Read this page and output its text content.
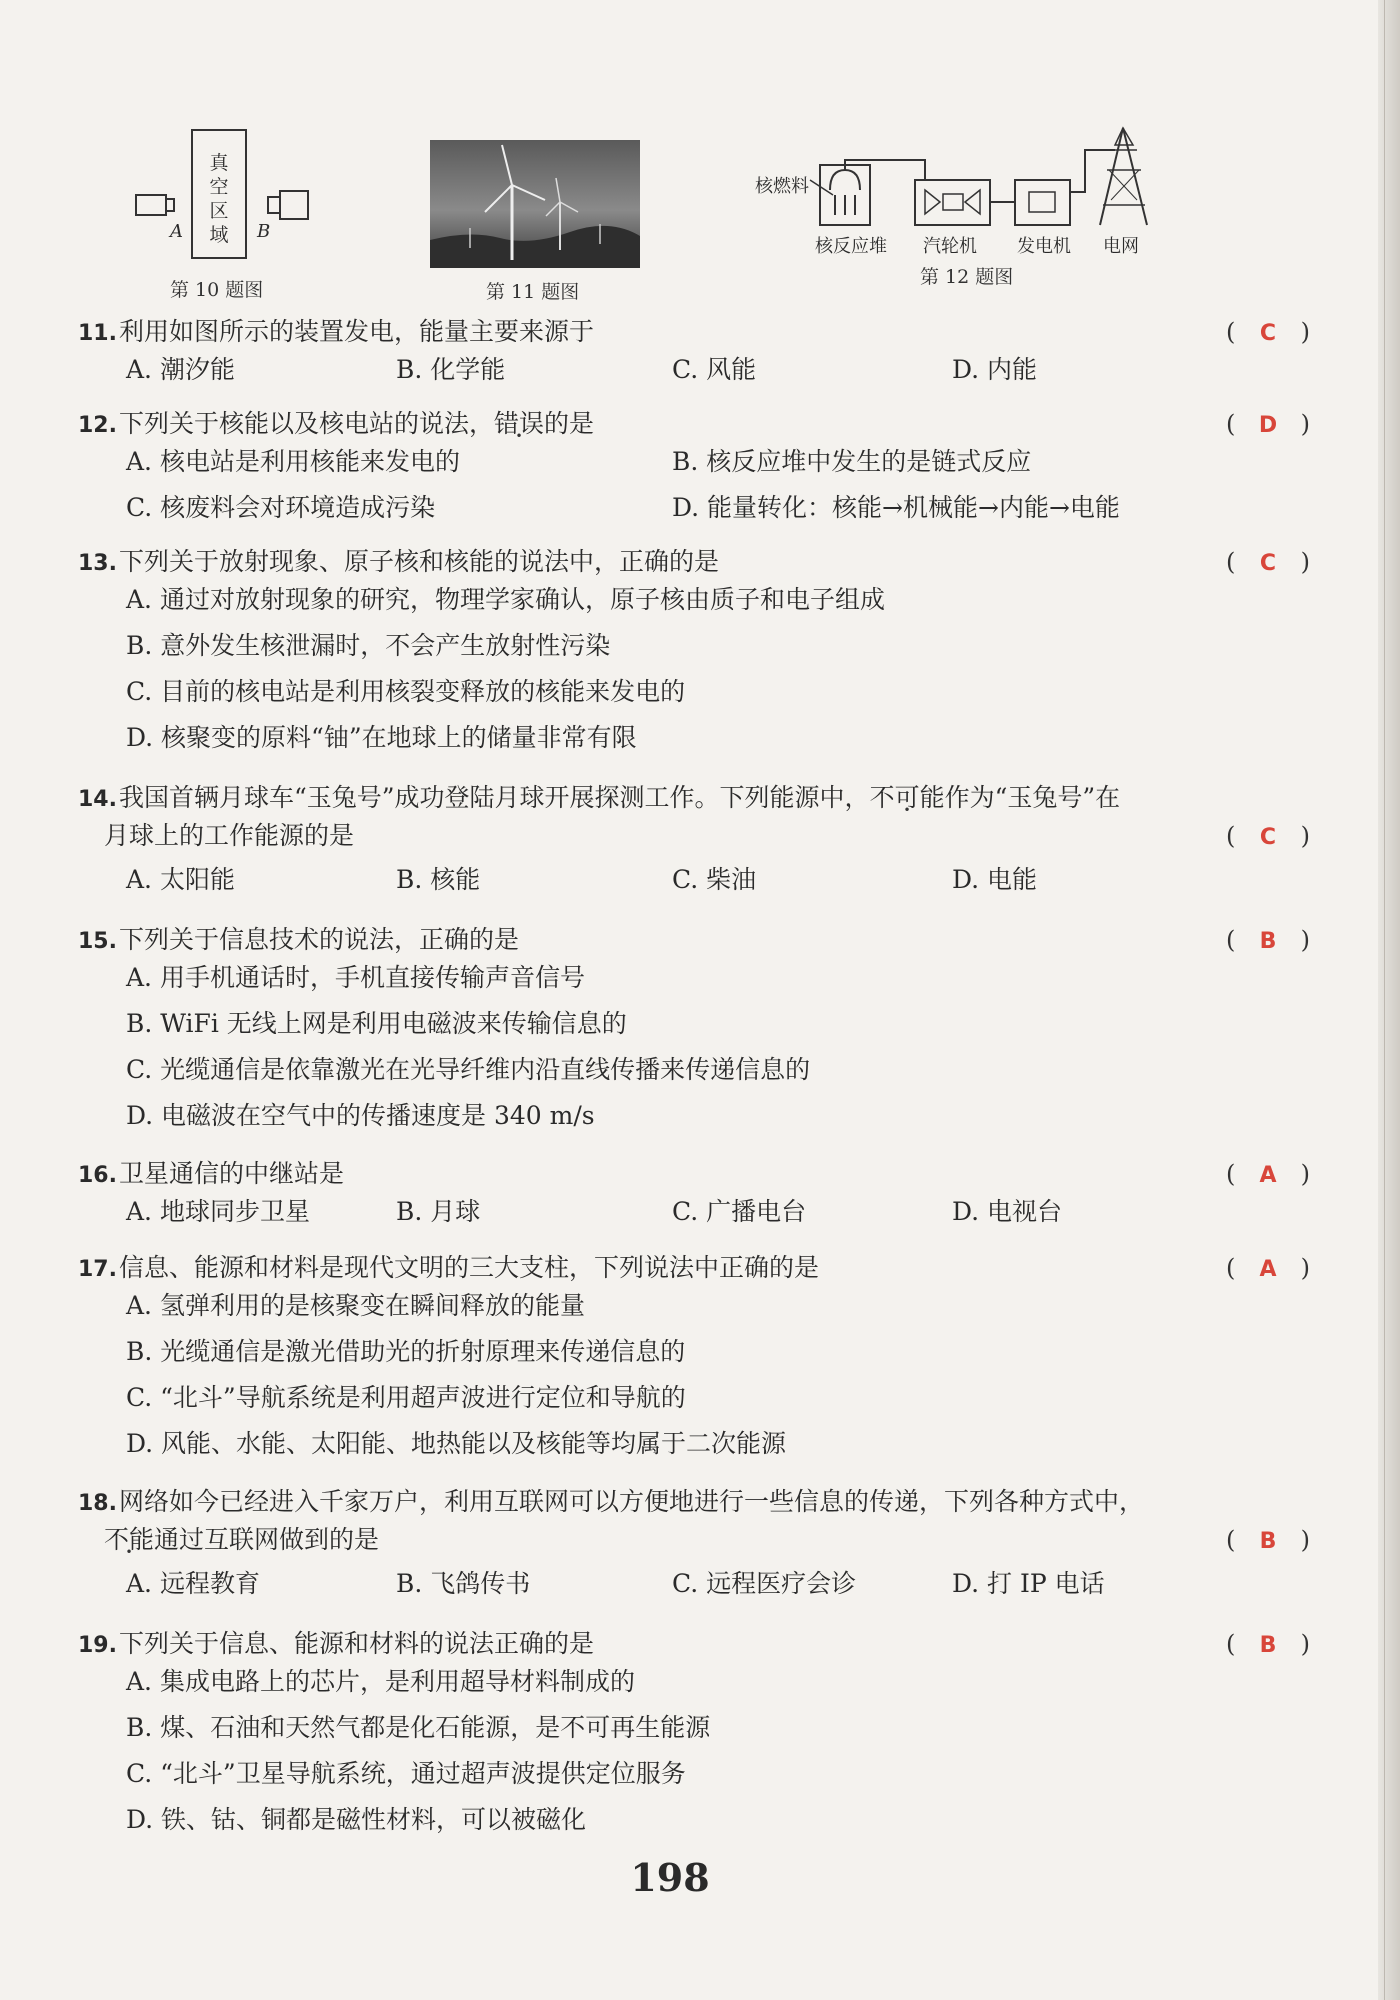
真空区域
A	B
第 10 题图	第 11 题图
核燃料
核反应堆 汽轮机 发电机 电网
第 12 题图
11.利用如图所示的装置发电，能量主要来源于	( C )
A. 潮汐能	B. 化学能	C. 风能	D. 内能
12.下列关于核能以及核电站的说法，错误的是	( D )
A. 核电站是利用核能来发电的	B. 核反应堆中发生的是链式反应
C. 核废料会对环境造成污染	D. 能量转化：核能→机械能→内能→电能
13.下列关于放射现象、原子核和核能的说法中，正确的是	( C )
A. 通过对放射现象的研究，物理学家确认，原子核由质子和电子组成
B. 意外发生核泄漏时，不会产生放射性污染
C. 目前的核电站是利用核裂变释放的核能来发电的
D. 核聚变的原料“铀”在地球上的储量非常有限
14.我国首辆月球车“玉兔号”成功登陆月球开展探测工作。下列能源中，不可能作为“玉兔号”在
月球上的工作能源的是	( C )
A. 太阳能	B. 核能	C. 柴油	D. 电能
15.下列关于信息技术的说法，正确的是	( B )
A. 用手机通话时，手机直接传输声音信号
B. WiFi 无线上网是利用电磁波来传输信息的
C. 光缆通信是依靠激光在光导纤维内沿直线传播来传递信息的
D. 电磁波在空气中的传播速度是 340 m/s
16.卫星通信的中继站是	( A )
A. 地球同步卫星	B. 月球	C. 广播电台	D. 电视台
17.信息、能源和材料是现代文明的三大支柱，下列说法中正确的是	( A )
A. 氢弹利用的是核聚变在瞬间释放的能量
B. 光缆通信是激光借助光的折射原理来传递信息的
C. “北斗”导航系统是利用超声波进行定位和导航的
D. 风能、水能、太阳能、地热能以及核能等均属于二次能源
18.网络如今已经进入千家万户，利用互联网可以方便地进行一些信息的传递，下列各种方式中，
不能通过互联网做到的是	( B )
A. 远程教育	B. 飞鸽传书	C. 远程医疗会诊	D. 打 IP 电话
19.下列关于信息、能源和材料的说法正确的是	( B )
A. 集成电路上的芯片，是利用超导材料制成的
B. 煤、石油和天然气都是化石能源，是不可再生能源
C. “北斗”卫星导航系统，通过超声波提供定位服务
D. 铁、钴、铜都是磁性材料，可以被磁化
198
